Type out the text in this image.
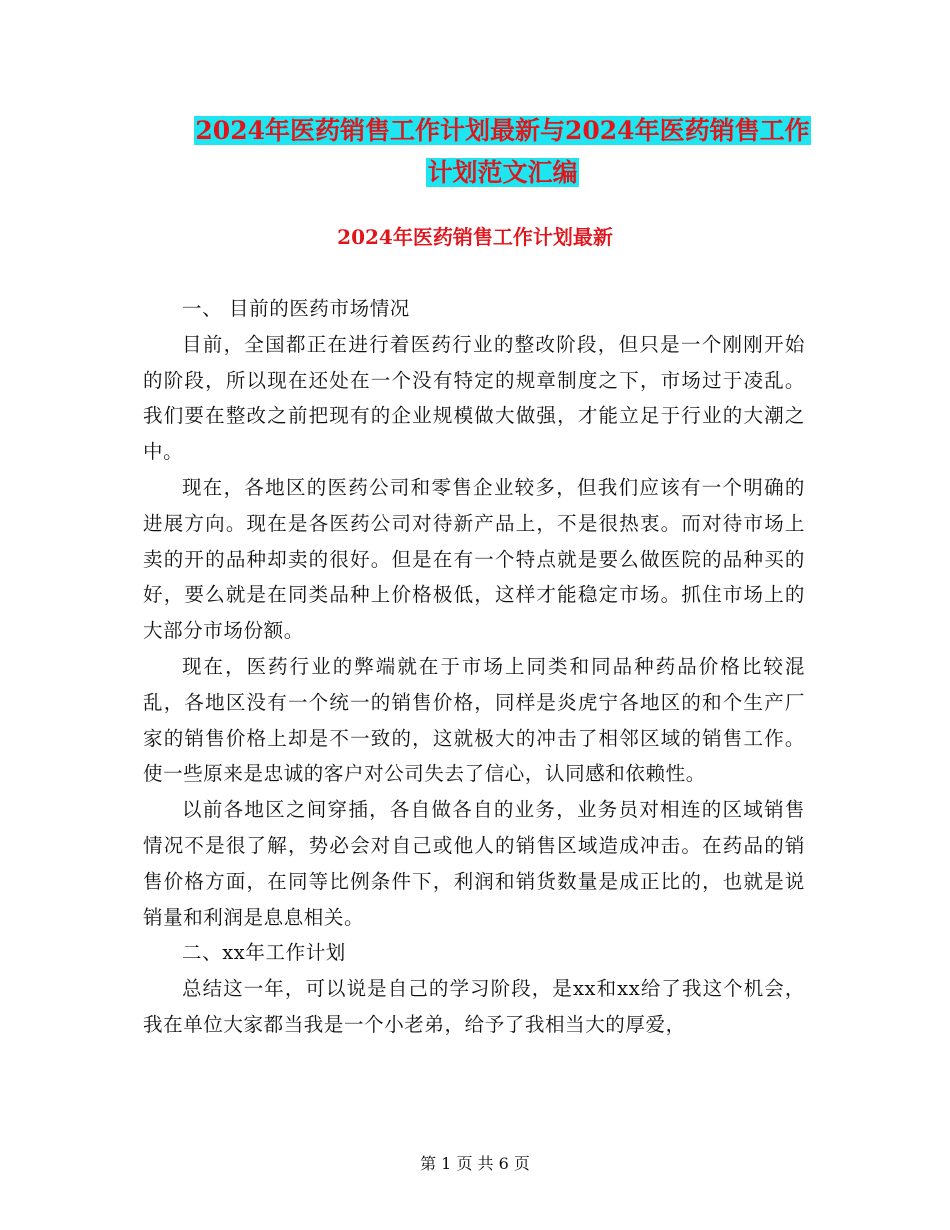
2024年医药销售工作计划最新与2024年医药销售工作
计划范文汇编
2024年医药销售工作计划最新

一、 目前的医药市场情况

目前，全国都正在进行着医药行业的整改阶段，但只是一个刚刚开始的阶段，所以现在还处在一个没有特定的规章制度之下，市场过于凌乱。我们要在整改之前把现有的企业规模做大做强，才能立足于行业的大潮之中。

现在，各地区的医药公司和零售企业较多，但我们应该有一个明确的进展方向。现在是各医药公司对待新产品上，不是很热衷。而对待市场上卖的开的品种却卖的很好。但是在有一个特点就是要么做医院的品种买的好，要么就是在同类品种上价格极低，这样才能稳定市场。抓住市场上的大部分市场份额。

现在，医药行业的弊端就在于市场上同类和同品种药品价格比较混乱，各地区没有一个统一的销售价格，同样是炎虎宁各地区的和个生产厂家的销售价格上却是不一致的，这就极大的冲击了相邻区域的销售工作。使一些原来是忠诚的客户对公司失去了信心，认同感和依赖性。

以前各地区之间穿插，各自做各自的业务，业务员对相连的区域销售情况不是很了解，势必会对自己或他人的销售区域造成冲击。在药品的销售价格方面，在同等比例条件下，利润和销货数量是成正比的，也就是说销量和利润是息息相关。

二、xx年工作计划

总结这一年，可以说是自己的学习阶段，是xx和xx给了我这个机会，我在单位大家都当我是一个小老弟，给予了我相当大的厚爱，

第 1 页 共 6 页
